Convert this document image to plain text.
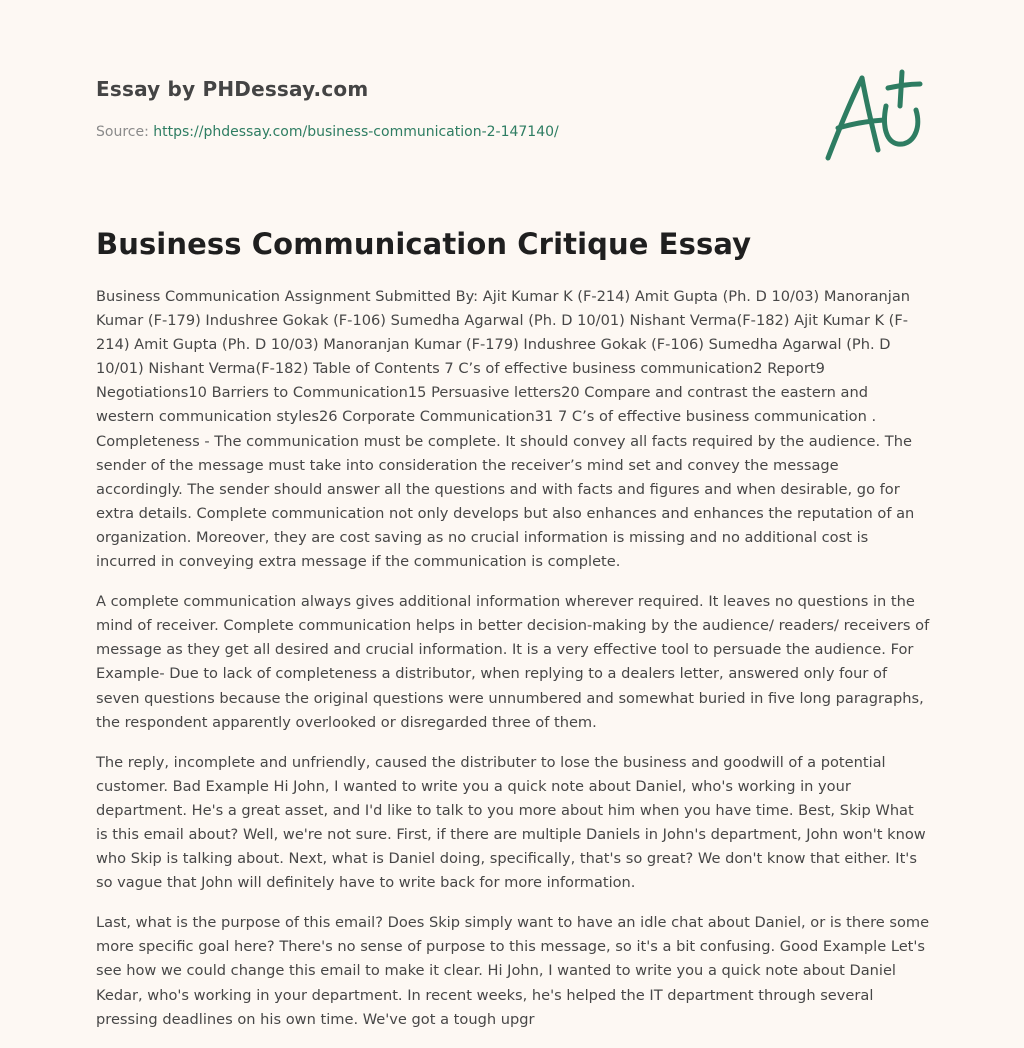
Essay by PHDessay.com
Source: https://phdessay.com/business-communication-2-147140/
Business Communication Critique Essay

Business Communication Assignment Submitted By: Ajit Kumar K (F-214) Amit Gupta (Ph. D 10/03) Manoranjan Kumar (F-179) Indushree Gokak (F-106) Sumedha Agarwal (Ph. D 10/01) Nishant Verma(F-182) Ajit Kumar K (F-214) Amit Gupta (Ph. D 10/03) Manoranjan Kumar (F-179) Indushree Gokak (F-106) Sumedha Agarwal (Ph. D 10/01) Nishant Verma(F-182) Table of Contents 7 C’s of effective business communication2 Report9 Negotiations10 Barriers to Communication15 Persuasive letters20 Compare and contrast the eastern and western communication styles26 Corporate Communication31 7 C’s of effective business communication . Completeness - The communication must be complete. It should convey all facts required by the audience. The sender of the message must take into consideration the receiver’s mind set and convey the message accordingly. The sender should answer all the questions and with facts and figures and when desirable, go for extra details. Complete communication not only develops but also enhances and enhances the reputation of an organization. Moreover, they are cost saving as no crucial information is missing and no additional cost is incurred in conveying extra message if the communication is complete.

A complete communication always gives additional information wherever required. It leaves no questions in the mind of receiver. Complete communication helps in better decision-making by the audience/ readers/ receivers of message as they get all desired and crucial information. It is a very effective tool to persuade the audience. For Example- Due to lack of completeness a distributor, when replying to a dealers letter, answered only four of seven questions because the original questions were unnumbered and somewhat buried in five long paragraphs, the respondent apparently overlooked or disregarded three of them.

The reply, incomplete and unfriendly, caused the distributer to lose the business and goodwill of a potential customer. Bad Example Hi John, I wanted to write you a quick note about Daniel, who's working in your department. He's a great asset, and I'd like to talk to you more about him when you have time. Best, Skip What is this email about? Well, we're not sure. First, if there are multiple Daniels in John's department, John won't know who Skip is talking about. Next, what is Daniel doing, specifically, that's so great? We don't know that either. It's so vague that John will definitely have to write back for more information.

Last, what is the purpose of this email? Does Skip simply want to have an idle chat about Daniel, or is there some more specific goal here? There's no sense of purpose to this message, so it's a bit confusing. Good Example Let's see how we could change this email to make it clear. Hi John, I wanted to write you a quick note about Daniel Kedar, who's working in your department. In recent weeks, he's helped the IT department through several pressing deadlines on his own time. We've got a tough upgr
